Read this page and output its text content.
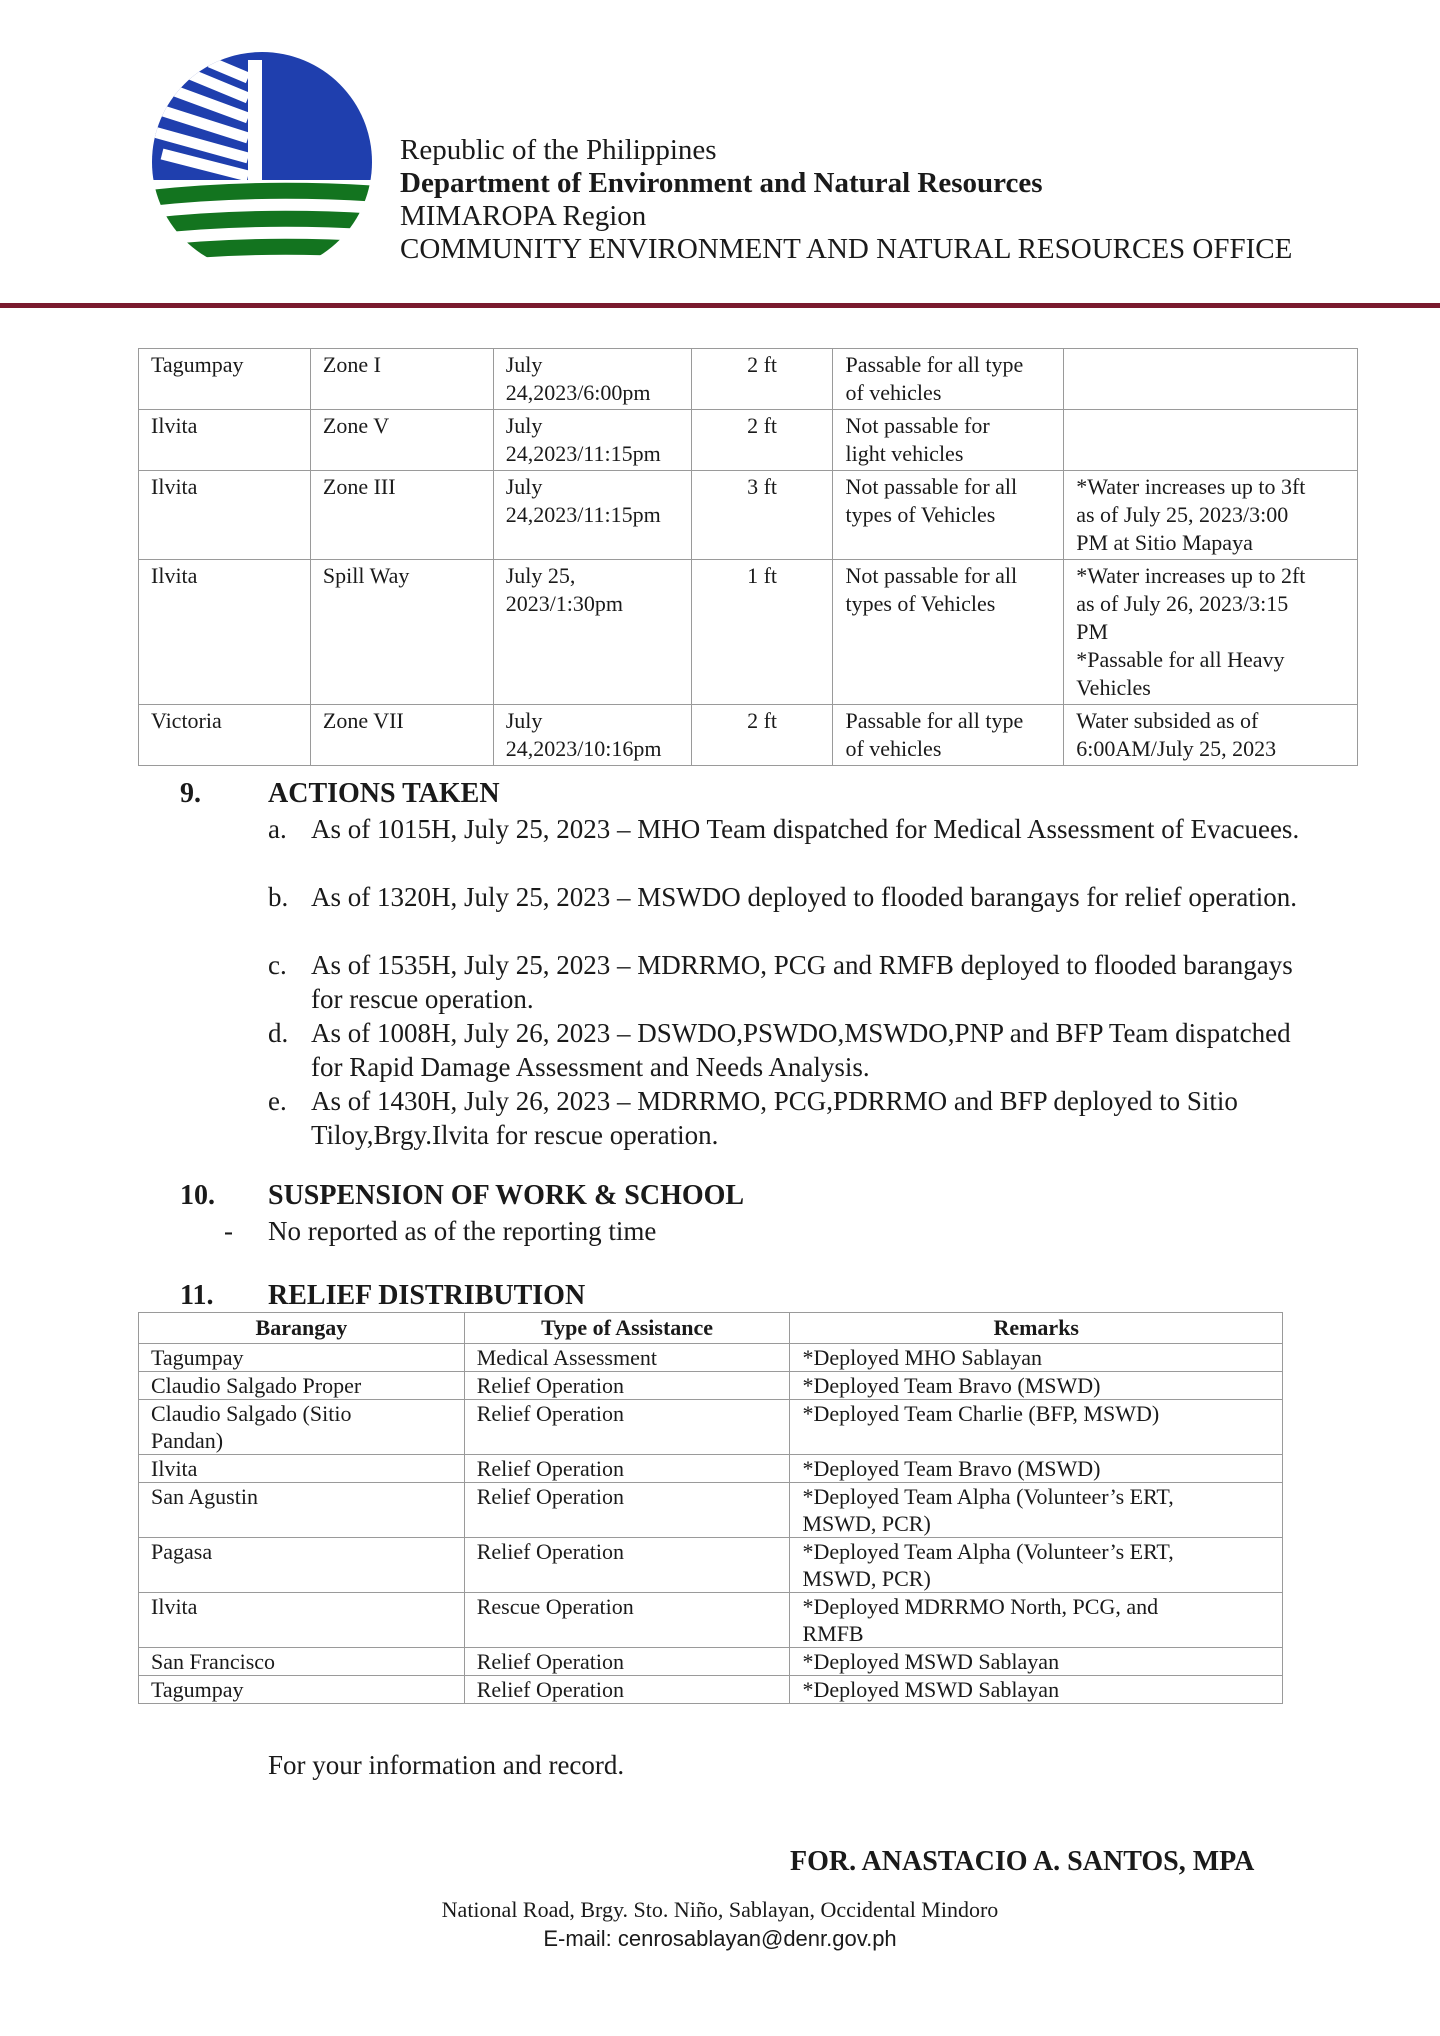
Republic of the Philippines
Department of Environment and Natural Resources
MIMAROPA Region
COMMUNITY ENVIRONMENT AND NATURAL RESOURCES OFFICE
Tagumpay	Zone I	July
24,2023/6:00pm	2 ft	Passable for all type
of vehicles	
Ilvita	Zone V	July
24,2023/11:15pm	2 ft	Not passable for
light vehicles	
Ilvita	Zone III	July
24,2023/11:15pm	3 ft	Not passable for all
types of Vehicles	*Water increases up to 3ft
as of July 25, 2023/3:00
PM at Sitio Mapaya
Ilvita	Spill Way	July 25,
2023/1:30pm	1 ft	Not passable for all
types of Vehicles	*Water increases up to 2ft
as of July 26, 2023/3:15
PM
*Passable for all Heavy
Vehicles
Victoria	Zone VII	July
24,2023/10:16pm	2 ft	Passable for all type
of vehicles	Water subsided as of
6:00AM/July 25, 2023
9. ACTIONS TAKEN
a. As of 1015H, July 25, 2023 – MHO Team dispatched for Medical Assessment of Evacuees.
b. As of 1320H, July 25, 2023 – MSWDO deployed to flooded barangays for relief operation.
c. As of 1535H, July 25, 2023 – MDRRMO, PCG and RMFB deployed to flooded barangays for rescue operation.
d. As of 1008H, July 26, 2023 – DSWDO,PSWDO,MSWDO,PNP and BFP Team dispatched for Rapid Damage Assessment and Needs Analysis.
e. As of 1430H, July 26, 2023 – MDRRMO, PCG,PDRRMO and BFP deployed to Sitio Tiloy,Brgy.Ilvita for rescue operation.
10. SUSPENSION OF WORK & SCHOOL
- No reported as of the reporting time
11. RELIEF DISTRIBUTION
Barangay	Type of Assistance	Remarks
Tagumpay	Medical Assessment	*Deployed MHO Sablayan
Claudio Salgado Proper	Relief Operation	*Deployed Team Bravo (MSWD)
Claudio Salgado (Sitio
Pandan)	Relief Operation	*Deployed Team Charlie (BFP, MSWD)
Ilvita	Relief Operation	*Deployed Team Bravo (MSWD)
San Agustin	Relief Operation	*Deployed Team Alpha (Volunteer’s ERT,
MSWD, PCR)
Pagasa	Relief Operation	*Deployed Team Alpha (Volunteer’s ERT,
MSWD, PCR)
Ilvita	Rescue Operation	*Deployed MDRRMO North, PCG, and
RMFB
San Francisco	Relief Operation	*Deployed MSWD Sablayan
Tagumpay	Relief Operation	*Deployed MSWD Sablayan
For your information and record.
FOR. ANASTACIO A. SANTOS, MPA
National Road, Brgy. Sto. Niño, Sablayan, Occidental Mindoro
E-mail: cenrosablayan@denr.gov.ph
